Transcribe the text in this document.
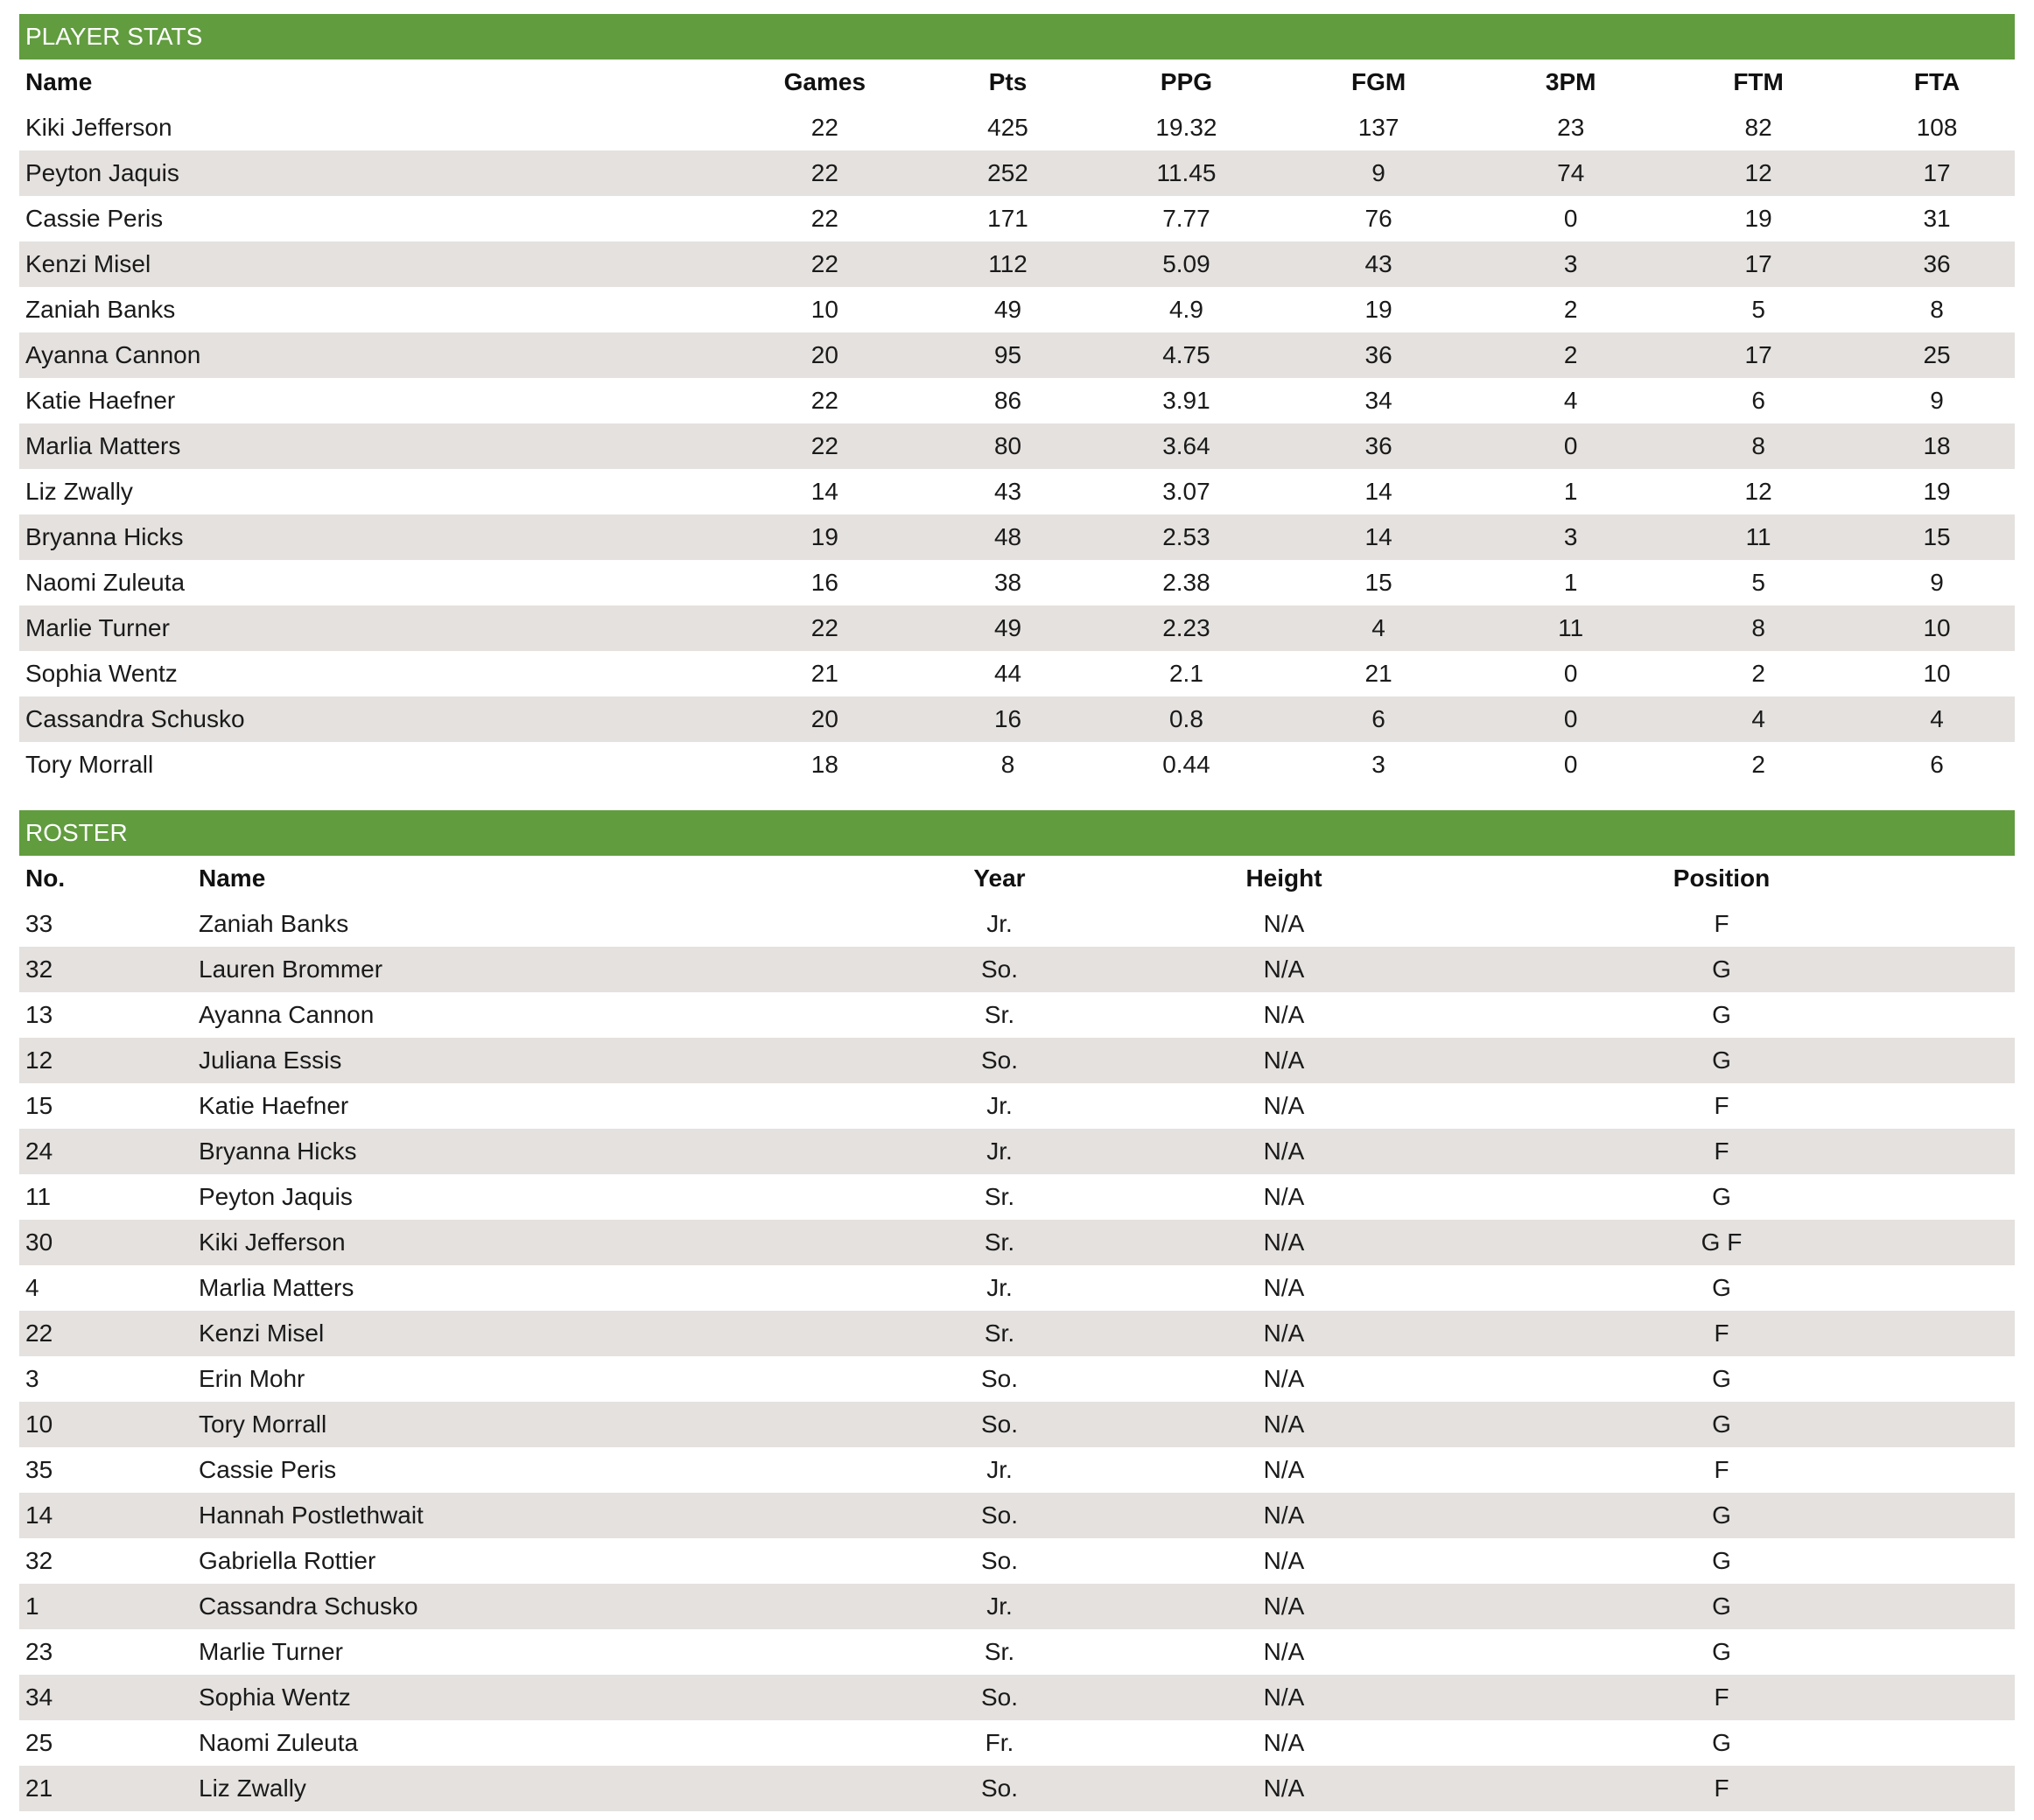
PLAYER STATS
Name	Games	Pts	PPG	FGM	3PM	FTM	FTA
Kiki Jefferson	22	425	19.32	137	23	82	108
Peyton Jaquis	22	252	11.45	9	74	12	17
Cassie Peris	22	171	7.77	76	0	19	31
Kenzi Misel	22	112	5.09	43	3	17	36
Zaniah Banks	10	49	4.9	19	2	5	8
Ayanna Cannon	20	95	4.75	36	2	17	25
Katie Haefner	22	86	3.91	34	4	6	9
Marlia Matters	22	80	3.64	36	0	8	18
Liz Zwally	14	43	3.07	14	1	12	19
Bryanna Hicks	19	48	2.53	14	3	11	15
Naomi Zuleuta	16	38	2.38	15	1	5	9
Marlie Turner	22	49	2.23	4	11	8	10
Sophia Wentz	21	44	2.1	21	0	2	10
Cassandra Schusko	20	16	0.8	6	0	4	4
Tory Morrall	18	8	0.44	3	0	2	6
ROSTER
No.	Name	Year	Height	Position
33	Zaniah Banks	Jr.	N/A	F
32	Lauren Brommer	So.	N/A	G
13	Ayanna Cannon	Sr.	N/A	G
12	Juliana Essis	So.	N/A	G
15	Katie Haefner	Jr.	N/A	F
24	Bryanna Hicks	Jr.	N/A	F
11	Peyton Jaquis	Sr.	N/A	G
30	Kiki Jefferson	Sr.	N/A	G F
4	Marlia Matters	Jr.	N/A	G
22	Kenzi Misel	Sr.	N/A	F
3	Erin Mohr	So.	N/A	G
10	Tory Morrall	So.	N/A	G
35	Cassie Peris	Jr.	N/A	F
14	Hannah Postlethwait	So.	N/A	G
32	Gabriella Rottier	So.	N/A	G
1	Cassandra Schusko	Jr.	N/A	G
23	Marlie Turner	Sr.	N/A	G
34	Sophia Wentz	So.	N/A	F
25	Naomi Zuleuta	Fr.	N/A	G
21	Liz Zwally	So.	N/A	F
